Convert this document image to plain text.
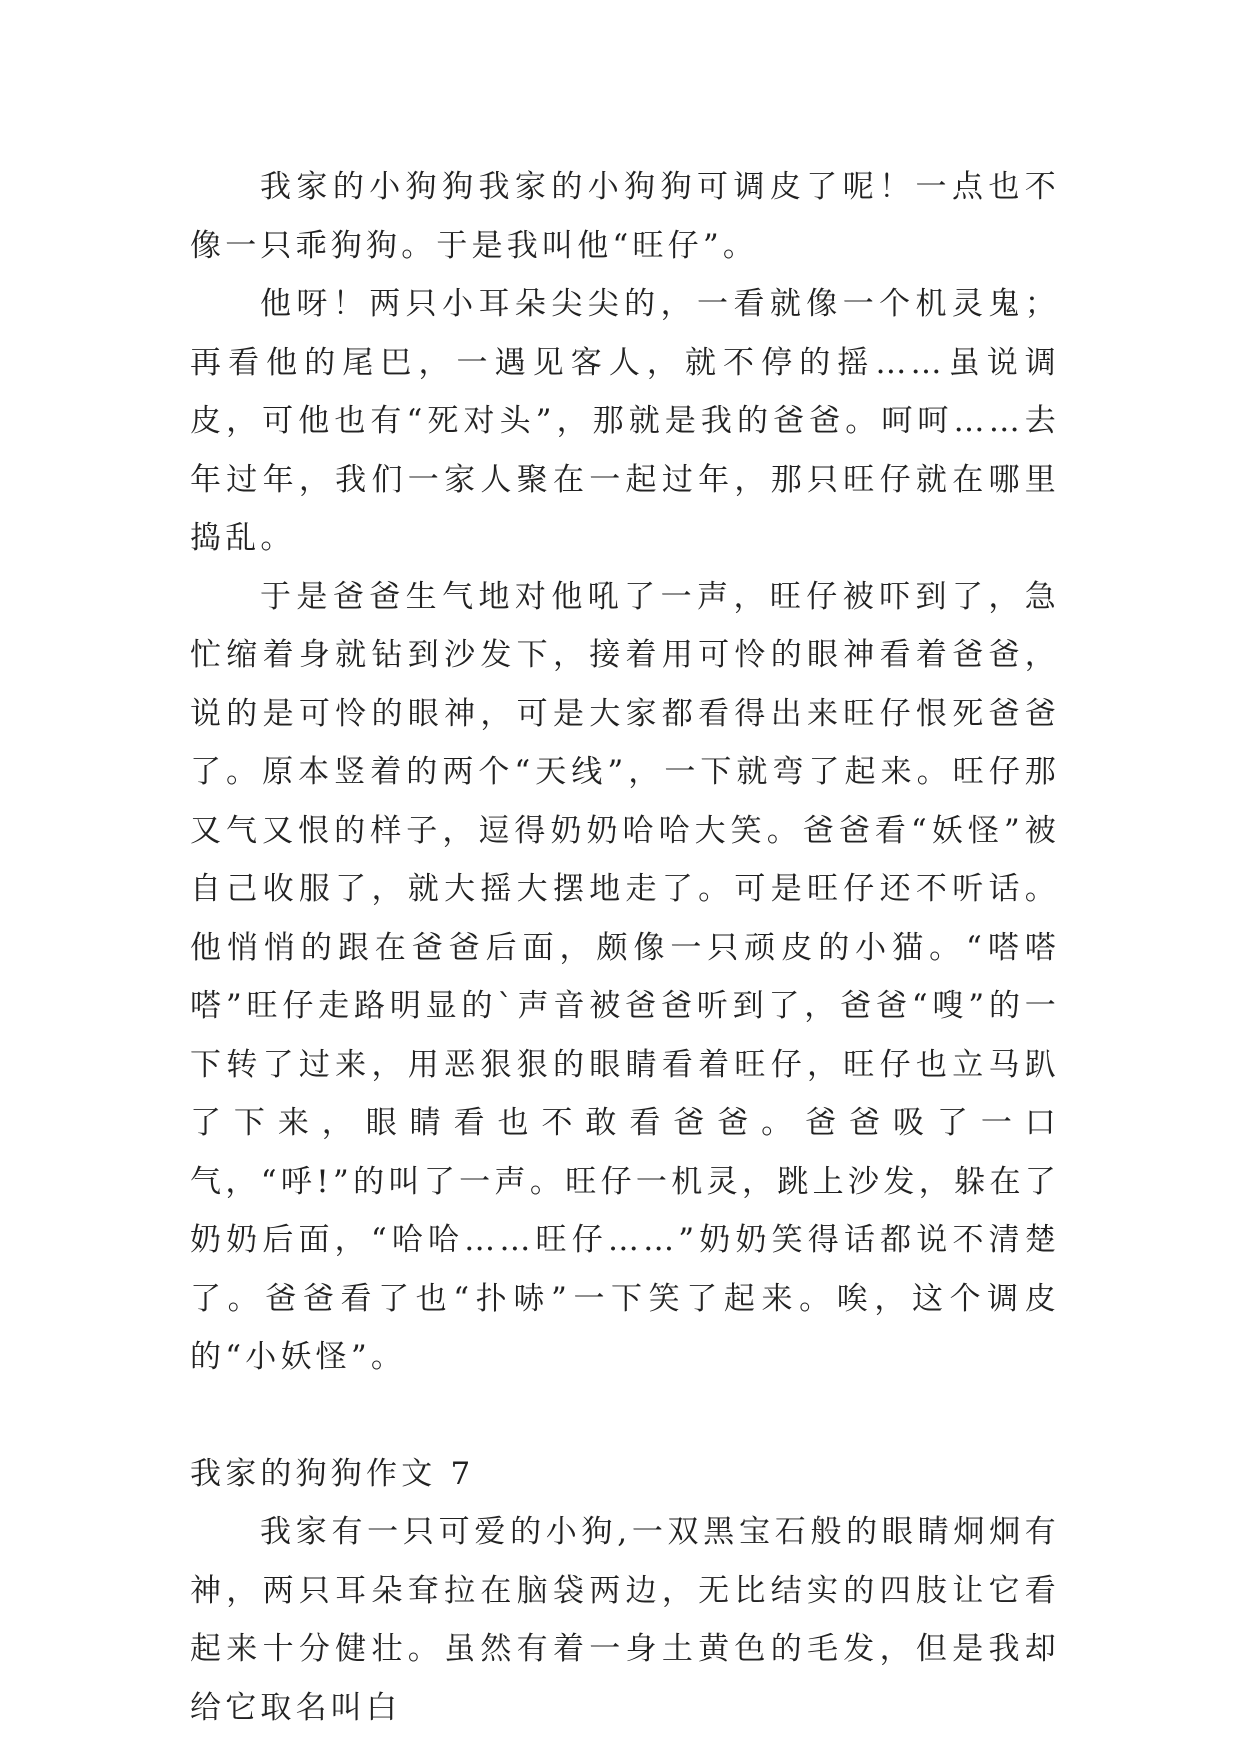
我家的小狗狗我家的小狗狗可调皮了呢！一点也不像一只乖狗狗。于是我叫他“旺仔”。

他呀！两只小耳朵尖尖的，一看就像一个机灵鬼；再看他的尾巴，一遇见客人，就不停的摇……虽说调皮，可他也有“死对头”，那就是我的爸爸。呵呵……去年过年，我们一家人聚在一起过年，那只旺仔就在哪里捣乱。

于是爸爸生气地对他吼了一声，旺仔被吓到了，急忙缩着身就钻到沙发下，接着用可怜的眼神看着爸爸，说的是可怜的眼神，可是大家都看得出来旺仔恨死爸爸了。原本竖着的两个“天线”，一下就弯了起来。旺仔那又气又恨的样子，逗得奶奶哈哈大笑。爸爸看“妖怪”被自己收服了，就大摇大摆地走了。可是旺仔还不听话。他悄悄的跟在爸爸后面，颇像一只顽皮的小猫。“嗒嗒嗒”旺仔走路明显的`声音被爸爸听到了，爸爸“嗖”的一下转了过来，用恶狠狠的眼睛看着旺仔，旺仔也立马趴了下来，眼睛看也不敢看爸爸。爸爸吸了一口气，“呼!”的叫了一声。旺仔一机灵，跳上沙发，躲在了奶奶后面，“哈哈……旺仔……”奶奶笑得话都说不清楚了。爸爸看了也“扑哧”一下笑了起来。唉，这个调皮的“小妖怪”。

我家的狗狗作文 7

我家有一只可爱的小狗,一双黑宝石般的眼睛炯炯有神，两只耳朵耷拉在脑袋两边，无比结实的四肢让它看起来十分健壮。虽然有着一身土黄色的毛发，但是我却给它取名叫白
